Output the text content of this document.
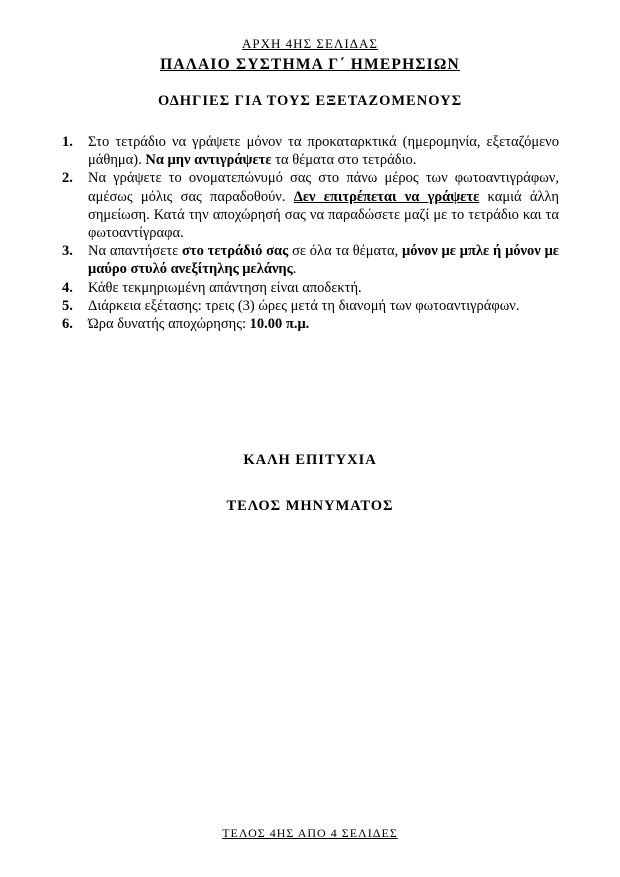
ΑΡΧΗ 4ΗΣ ΣΕΛΙΔΑΣ
ΠΑΛΑΙΟ ΣΥΣΤΗΜΑ Γ΄ ΗΜΕΡΗΣΙΩΝ
ΟΔΗΓΙΕΣ ΓΙΑ ΤΟΥΣ ΕΞΕΤΑΖΟΜΕΝΟΥΣ
1. Στο τετράδιο να γράψετε μόνον τα προκαταρκτικά (ημερομηνία, εξεταζόμενο μάθημα). Να μην αντιγράψετε τα θέματα στο τετράδιο.
2. Να γράψετε το ονοματεπώνυμό σας στο πάνω μέρος των φωτοαντιγράφων, αμέσως μόλις σας παραδοθούν. Δεν επιτρέπεται να γράψετε καμιά άλλη σημείωση. Κατά την αποχώρησή σας να παραδώσετε μαζί με το τετράδιο και τα φωτοαντίγραφα.
3. Να απαντήσετε στο τετράδιό σας σε όλα τα θέματα, μόνον με μπλε ή μόνον με μαύρο στυλό ανεξίτηλης μελάνης.
4. Κάθε τεκμηριωμένη απάντηση είναι αποδεκτή.
5. Διάρκεια εξέτασης: τρεις (3) ώρες μετά τη διανομή των φωτοαντιγράφων.
6. Ώρα δυνατής αποχώρησης: 10.00 π.μ.
ΚΑΛΗ ΕΠΙΤΥΧΙΑ
ΤΕΛΟΣ ΜΗΝΥΜΑΤΟΣ
ΤΕΛΟΣ 4ΗΣ ΑΠΟ 4 ΣΕΛΙΔΕΣ
